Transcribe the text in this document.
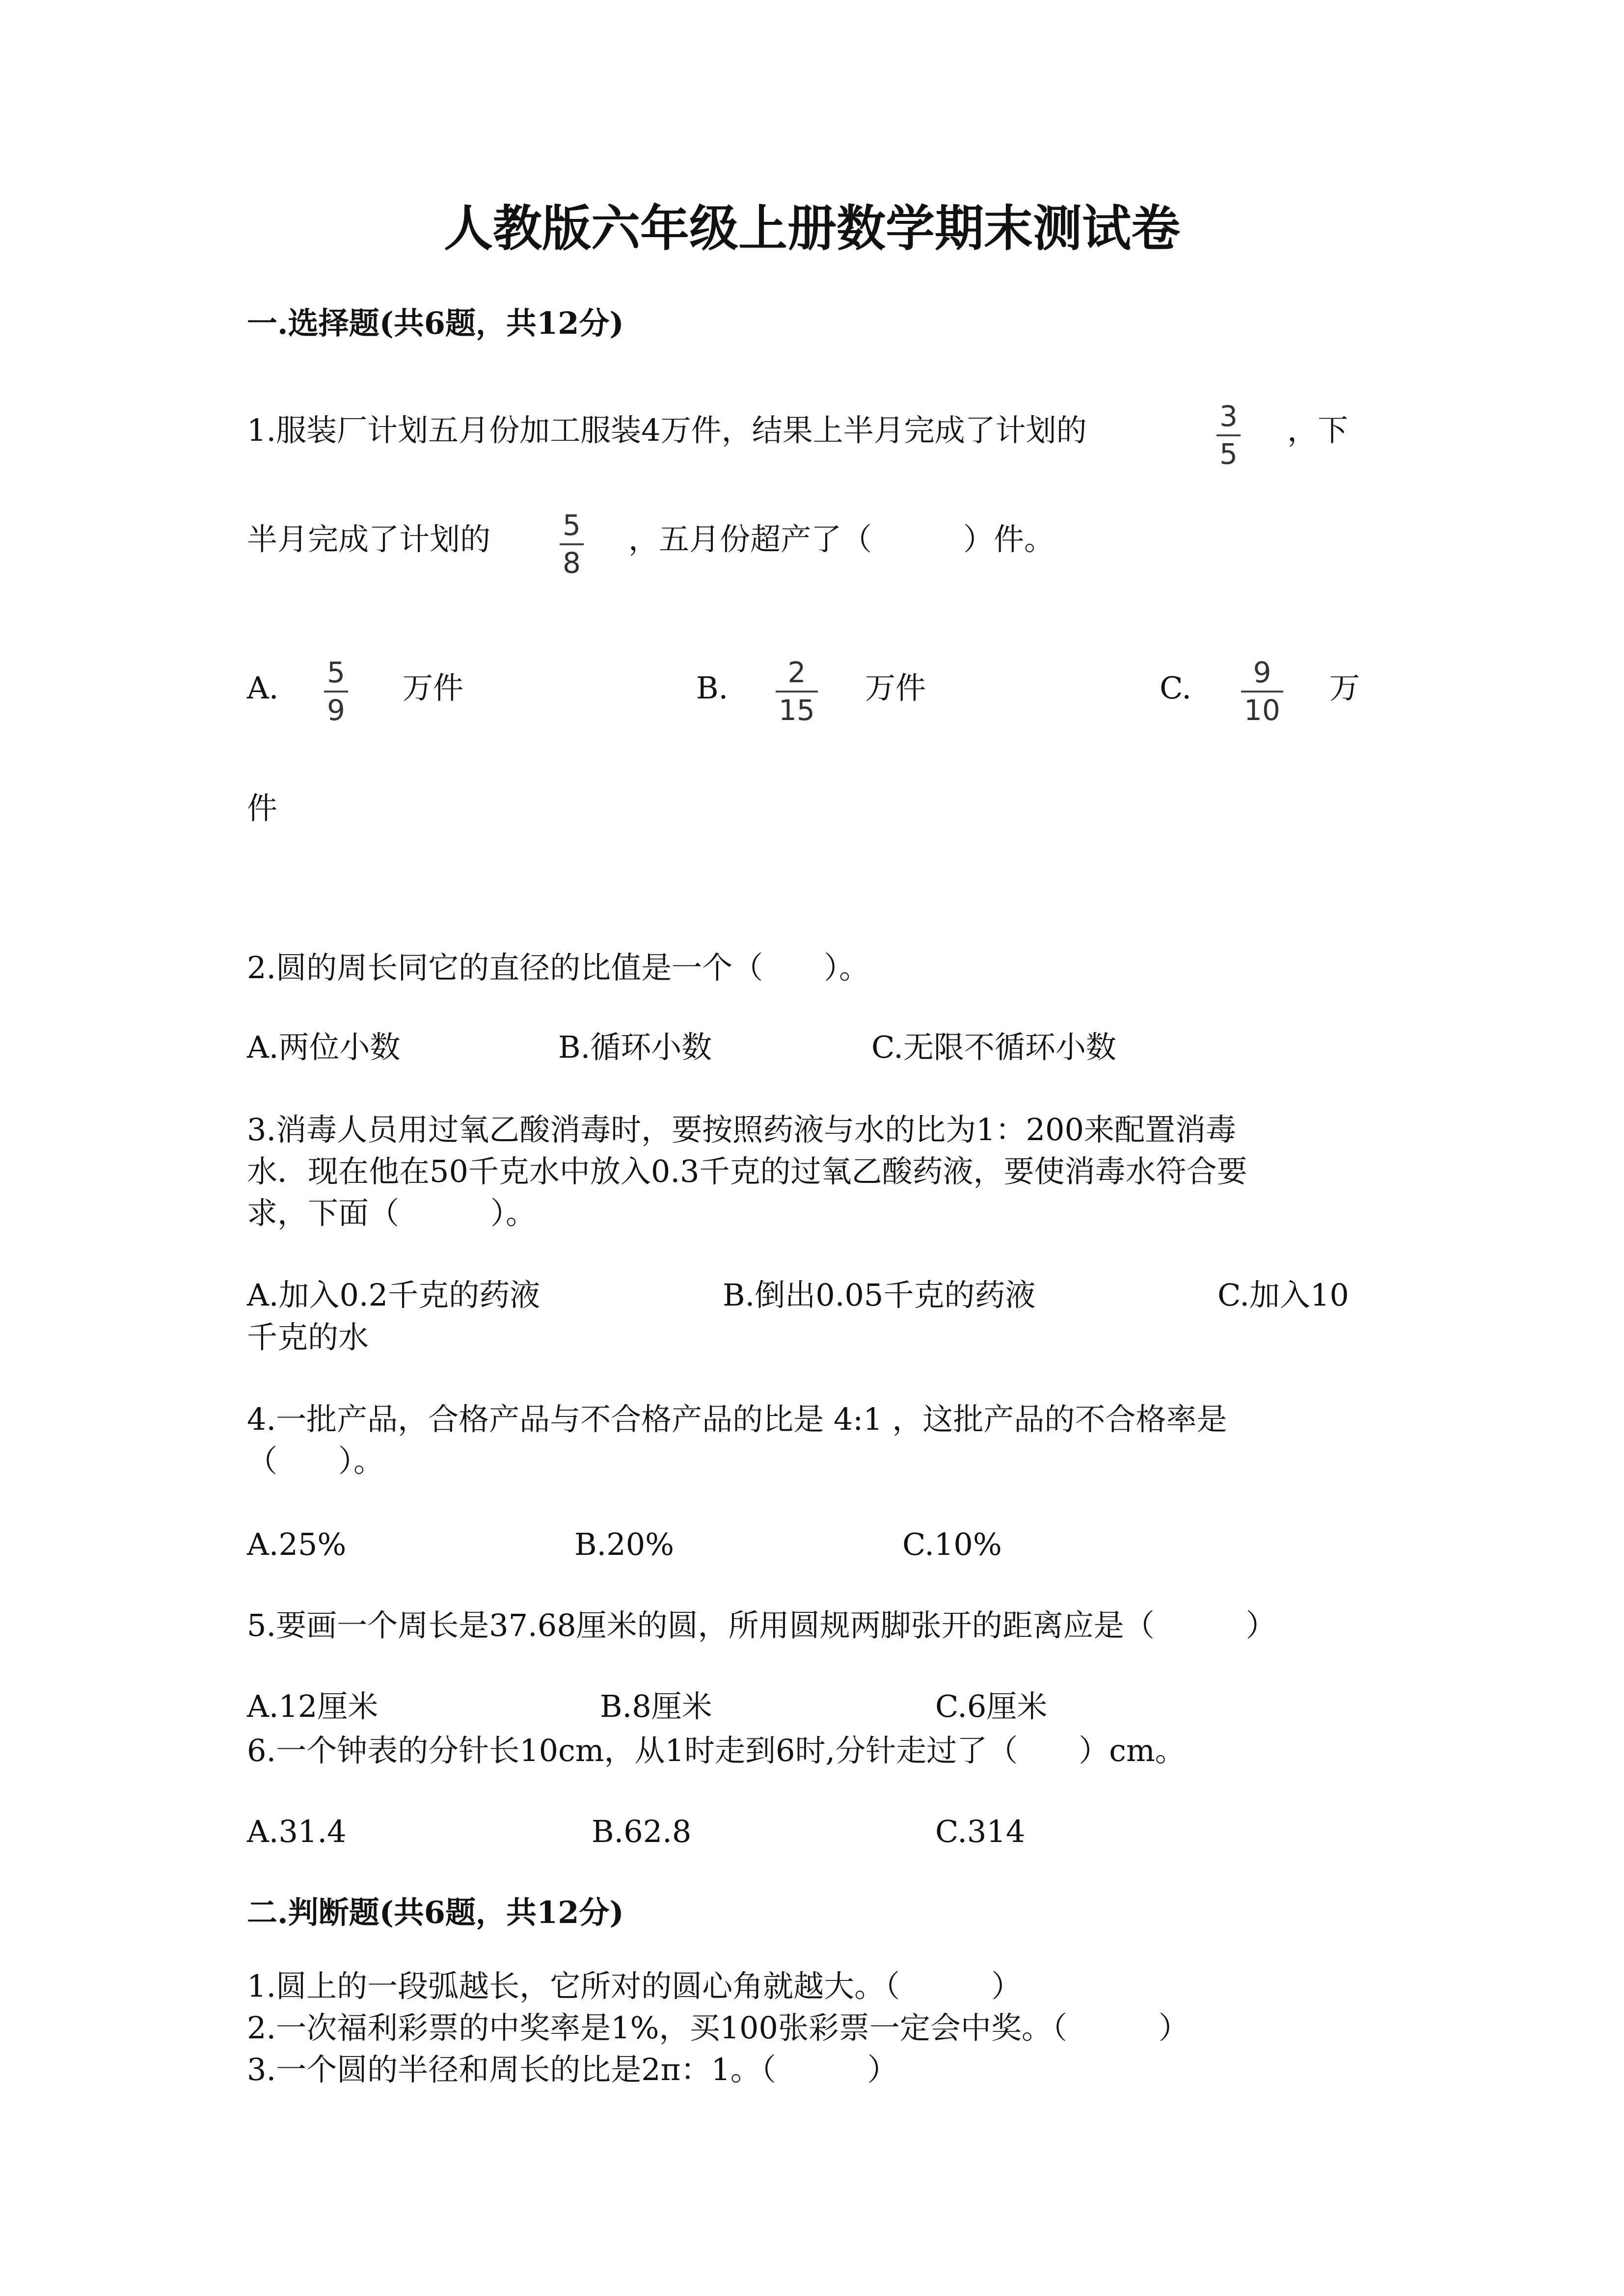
人教版六年级上册数学期末测试卷
一.选择题(共6题，共12分)
1.服装厂计划五月份加工服装4万件，结果上半月完成了计划的	3
5
，下
半月完成了计划的	5
8
，五月份超产了（　　　）件。
A. 5
9
万件	B. 2
15
万件	C. 9
10
万
件
2.圆的周长同它的直径的比值是一个（　　）。
A.两位小数	B.循环小数	C.无限不循环小数
3.消毒人员用过氧乙酸消毒时，要按照药液与水的比为1：200来配置消毒
水．现在他在50千克水中放入0.3千克的过氧乙酸药液，要使消毒水符合要
求，下面（　　　）。
A.加入0.2千克的药液	B.倒出0.05千克的药液	C.加入10
千克的水
4.一批产品，合格产品与不合格产品的比是 4:1 ，这批产品的不合格率是
（　　）。
A.25%	B.20%	C.10%
5.要画一个周长是37.68厘米的圆，所用圆规两脚张开的距离应是（　　　）
A.12厘米	B.8厘米	C.6厘米
6.一个钟表的分针长10cm，从1时走到6时,分针走过了（　　）cm。
A.31.4	B.62.8	C.314
二.判断题(共6题，共12分)
1.圆上的一段弧越长，它所对的圆心角就越大。（　　　）
2.一次福利彩票的中奖率是1%，买100张彩票一定会中奖。（　　　）
3.一个圆的半径和周长的比是2π：1。（　　　）
